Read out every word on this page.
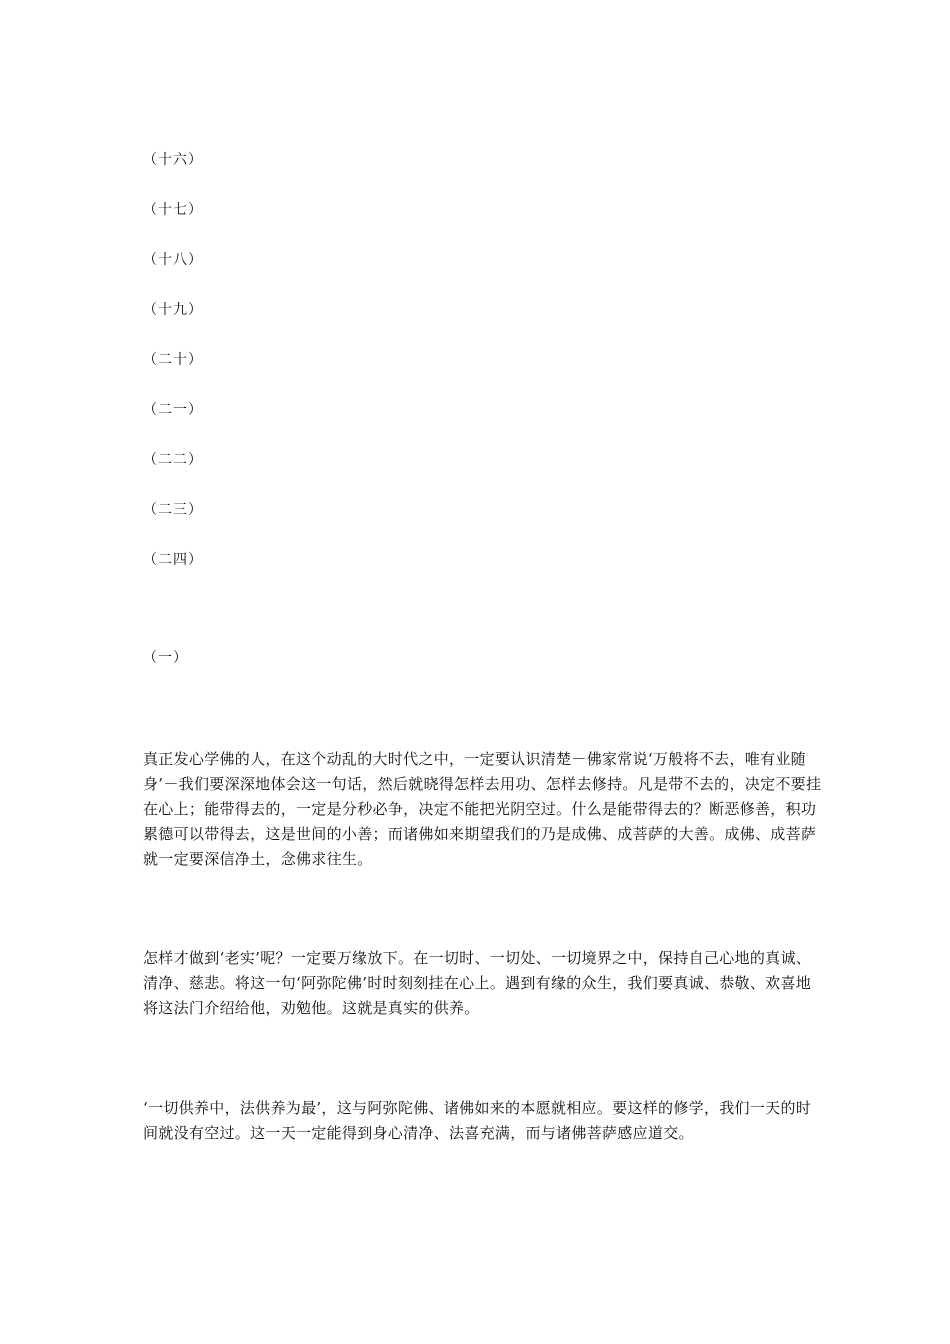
（十六）
（十七）
（十八）
（十九）
（二十）
（二一）
（二二）
（二三）
（二四）
（一）
真正发心学佛的人，在这个动乱的大时代之中，一定要认识清楚－佛家常说‘万般将不去，唯有业随身’－我们要深深地体会这一句话，然后就晓得怎样去用功、怎样去修持。凡是带不去的，决定不要挂在心上；能带得去的，一定是分秒必争，决定不能把光阴空过。什么是能带得去的？断恶修善，积功累德可以带得去，这是世间的小善；而诸佛如来期望我们的乃是成佛、成菩萨的大善。成佛、成菩萨就一定要深信净土，念佛求往生。
怎样才做到‘老实’呢？一定要万缘放下。在一切时、一切处、一切境界之中，保持自己心地的真诚、清净、慈悲。将这一句‘阿弥陀佛’时时刻刻挂在心上。遇到有缘的众生，我们要真诚、恭敬、欢喜地将这法门介绍给他，劝勉他。这就是真实的供养。
‘一切供养中，法供养为最’，这与阿弥陀佛、诸佛如来的本愿就相应。要这样的修学，我们一天的时间就没有空过。这一天一定能得到身心清净、法喜充满，而与诸佛菩萨感应道交。
